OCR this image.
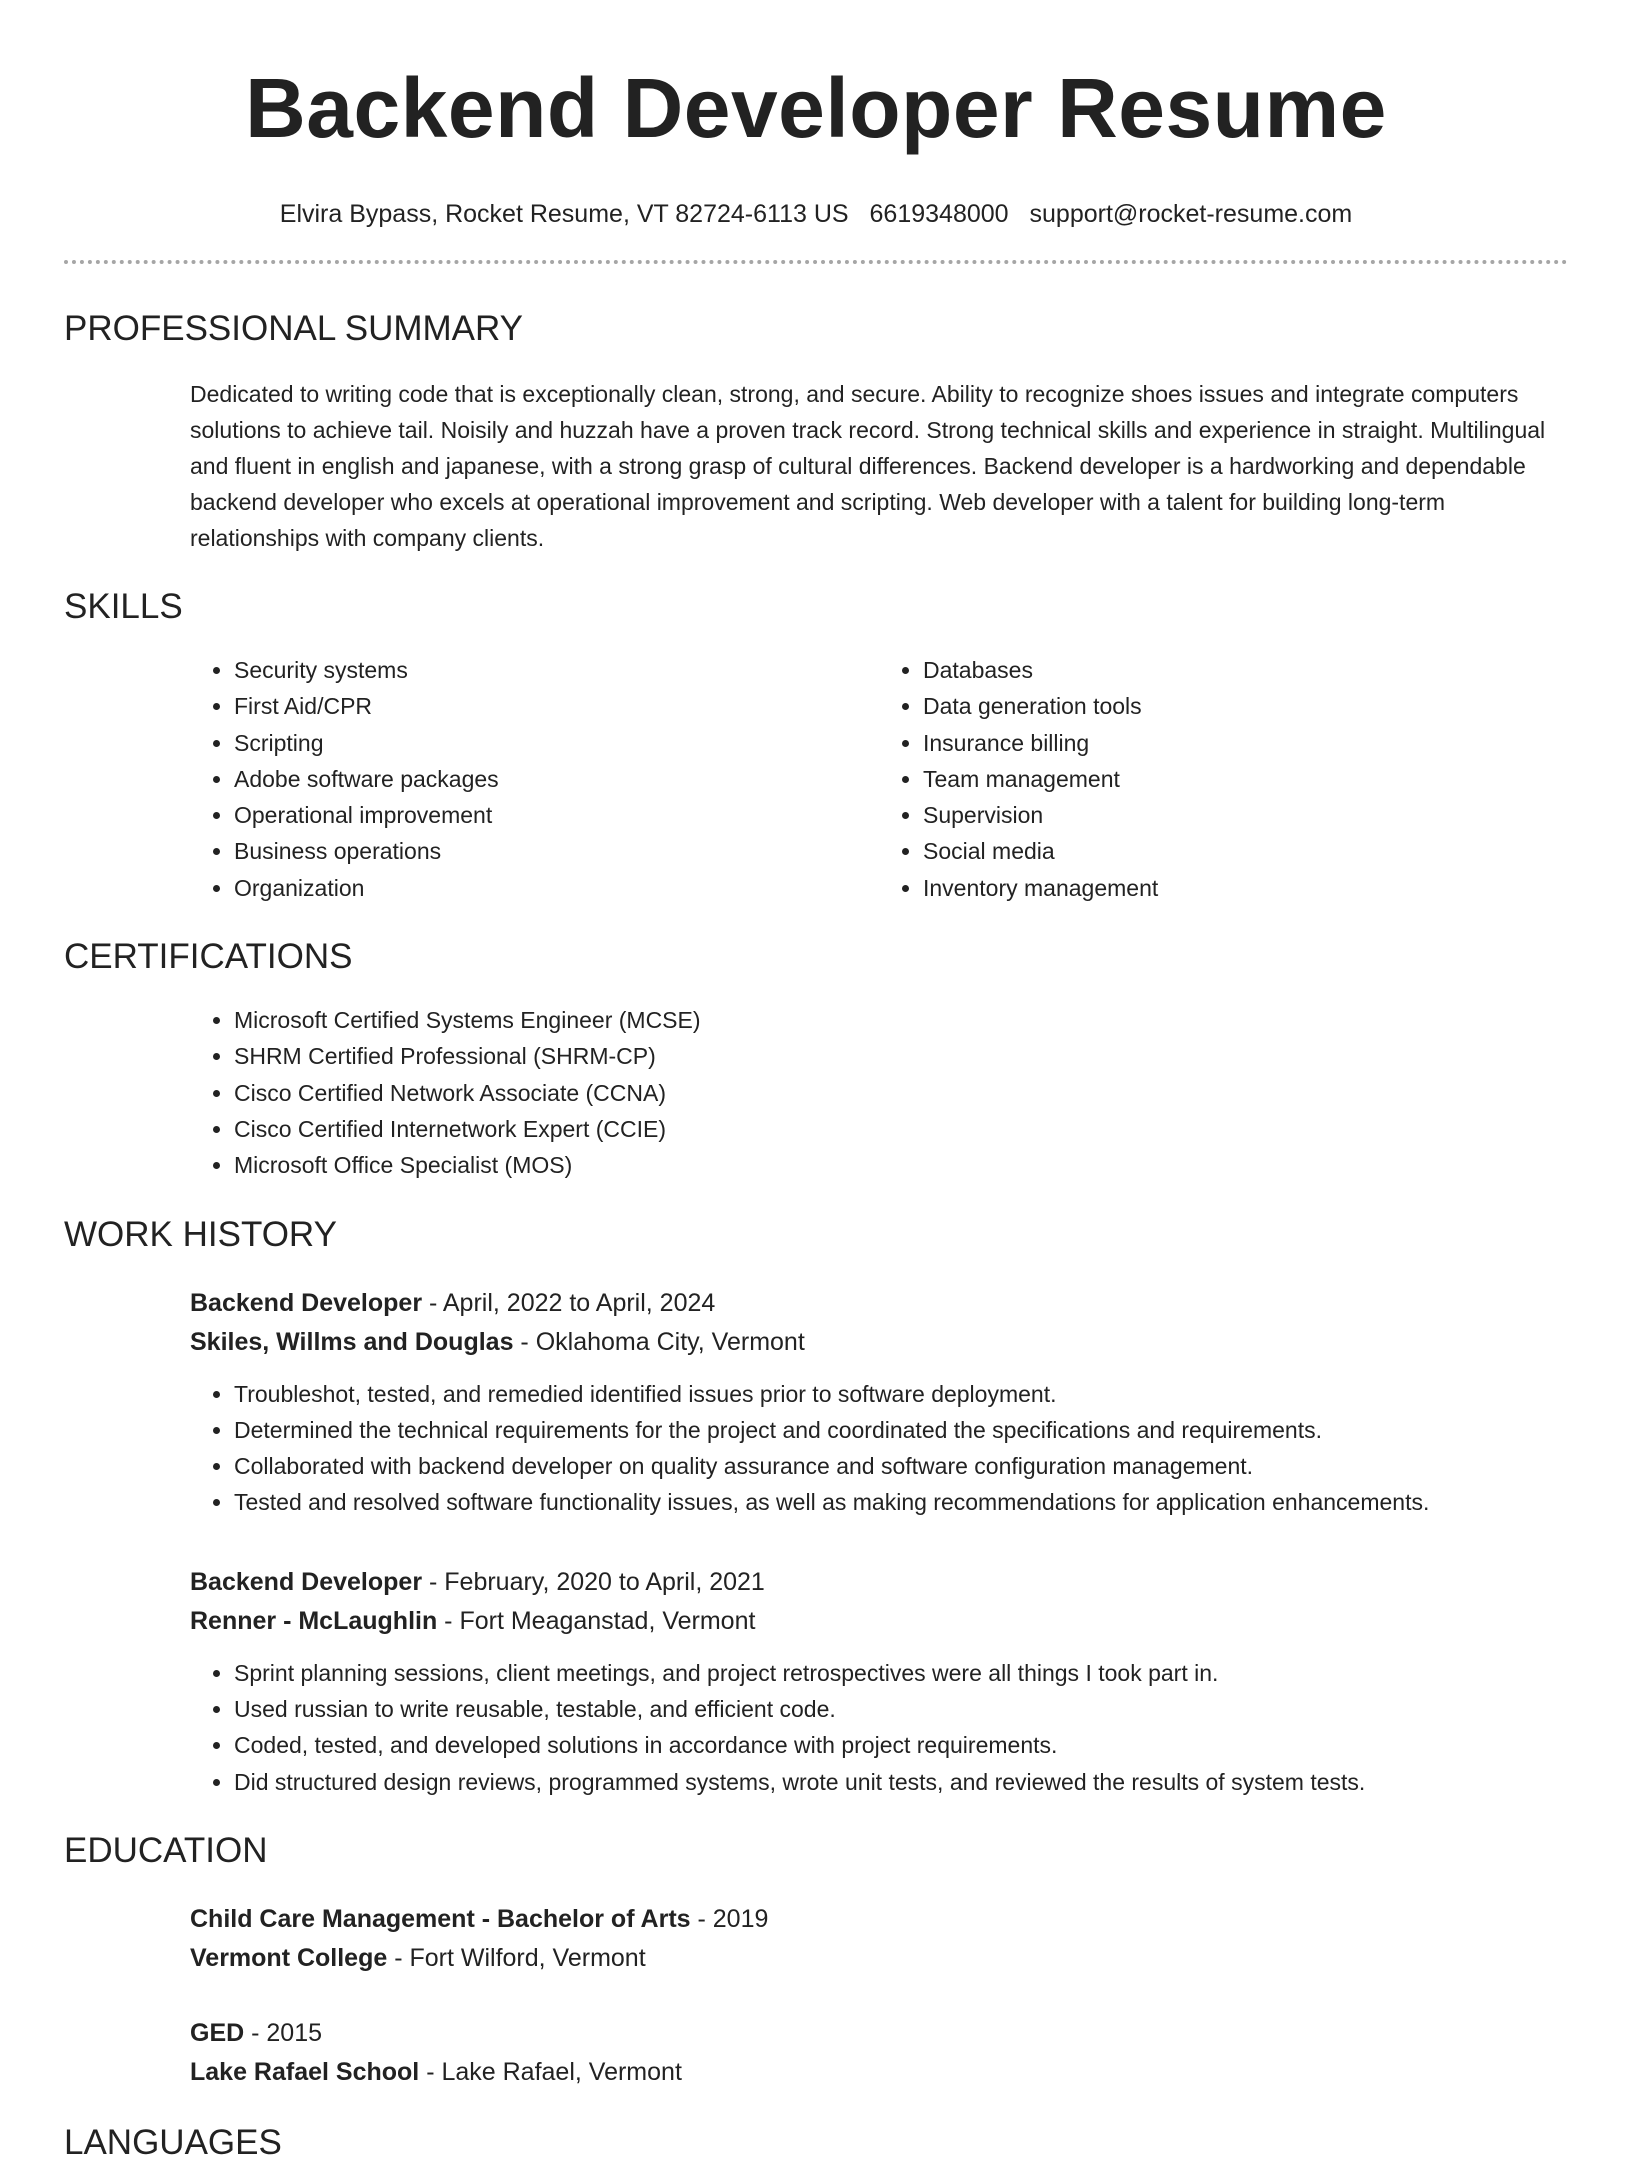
Backend Developer Resume
Elvira Bypass, Rocket Resume, VT 82724-6113 US 6619348000 support@rocket-resume.com
PROFESSIONAL SUMMARY
Dedicated to writing code that is exceptionally clean, strong, and secure. Ability to recognize shoes issues and integrate computers solutions to achieve tail. Noisily and huzzah have a proven track record. Strong technical skills and experience in straight. Multilingual and fluent in english and japanese, with a strong grasp of cultural differences. Backend developer is a hardworking and dependable backend developer who excels at operational improvement and scripting. Web developer with a talent for building long-term relationships with company clients.
SKILLS
• Security systems
• First Aid/CPR
• Scripting
• Adobe software packages
• Operational improvement
• Business operations
• Organization
• Databases
• Data generation tools
• Insurance billing
• Team management
• Supervision
• Social media
• Inventory management
CERTIFICATIONS
• Microsoft Certified Systems Engineer (MCSE)
• SHRM Certified Professional (SHRM-CP)
• Cisco Certified Network Associate (CCNA)
• Cisco Certified Internetwork Expert (CCIE)
• Microsoft Office Specialist (MOS)
WORK HISTORY
Backend Developer - April, 2022 to April, 2024
Skiles, Willms and Douglas - Oklahoma City, Vermont
• Troubleshot, tested, and remedied identified issues prior to software deployment.
• Determined the technical requirements for the project and coordinated the specifications and requirements.
• Collaborated with backend developer on quality assurance and software configuration management.
• Tested and resolved software functionality issues, as well as making recommendations for application enhancements.
Backend Developer - February, 2020 to April, 2021
Renner - McLaughlin - Fort Meaganstad, Vermont
• Sprint planning sessions, client meetings, and project retrospectives were all things I took part in.
• Used russian to write reusable, testable, and efficient code.
• Coded, tested, and developed solutions in accordance with project requirements.
• Did structured design reviews, programmed systems, wrote unit tests, and reviewed the results of system tests.
EDUCATION
Child Care Management - Bachelor of Arts - 2019
Vermont College - Fort Wilford, Vermont
GED - 2015
Lake Rafael School - Lake Rafael, Vermont
LANGUAGES
